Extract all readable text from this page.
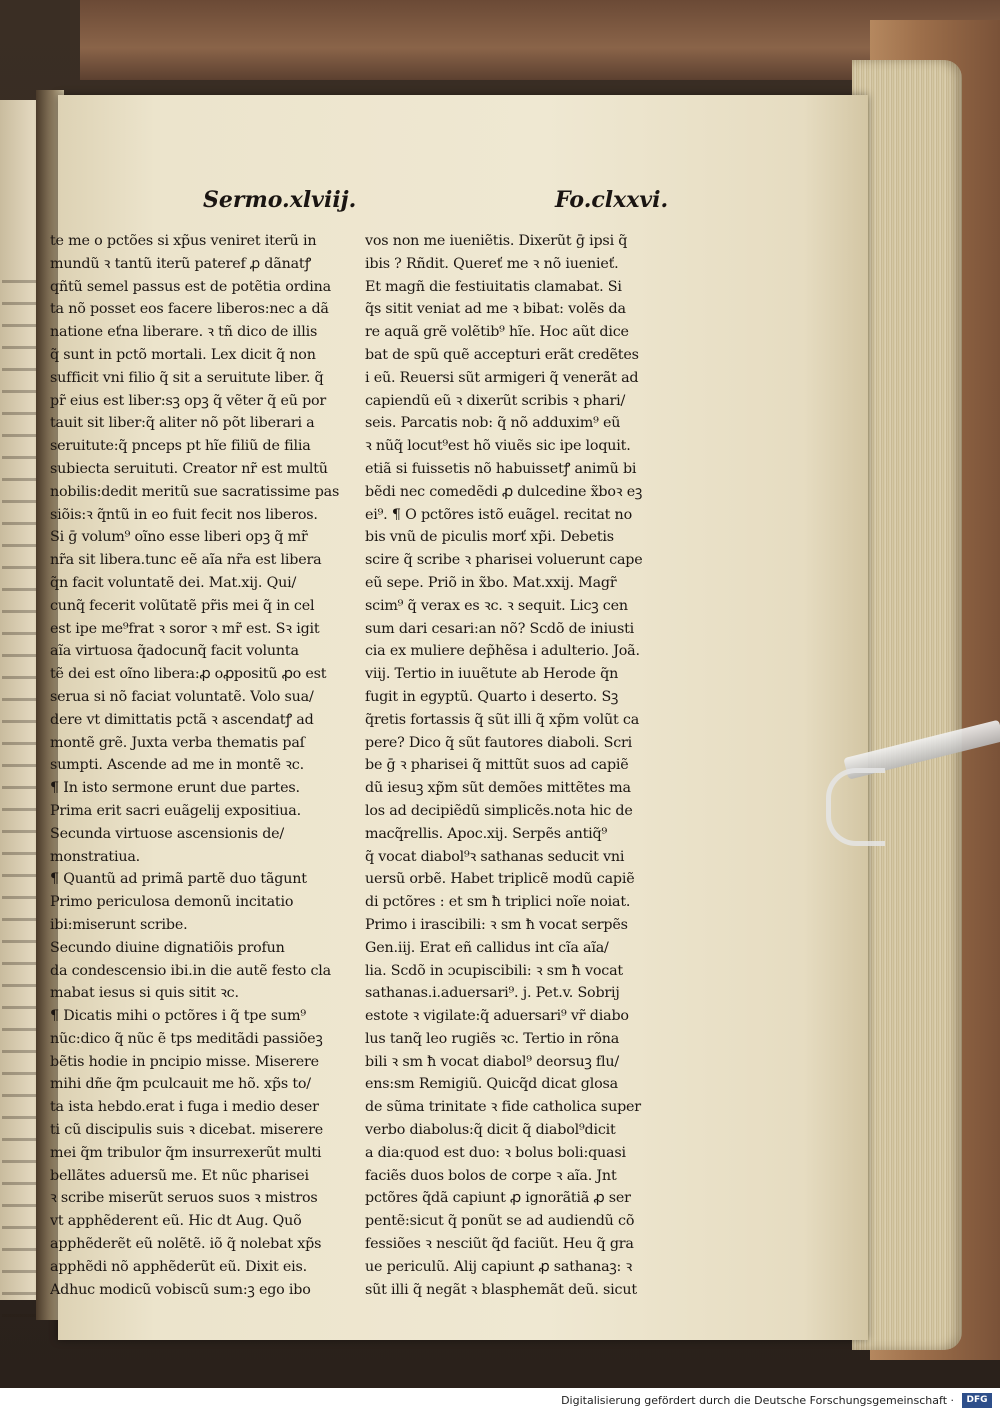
Sermo.xlviij.	Fo.clxxvi.
te me o pctões si xp̃us veniret iterũ in
mundũ ꝛ tantũ iterũ pateref ꝓ dãnatꝭ
qñtũ semel passus est de potẽtia ordina
ta nõ posset eos facere liberos:nec a dã
natione eťna liberare. ꝛ tñ dico de illis
q̃ sunt in pctõ mortali. Lex dicit q̃ non
sufficit vni filio q̃ sit a seruitute liber. q̃
pr̃ eius est liber:sꝫ opꝫ q̃ vẽter q̃ eũ por
tauit sit liber:q̃ aliter nõ põt liberari a
seruitute:q̃ pnceps pt hĩe filiũ de filia
subiecta seruituti. Creator nr̃ est multũ
nobilis:dedit meritũ sue sacratissime pas
siõis:ꝛ q̃ntũ in eo fuit fecit nos liberos.
Si ḡ volum⁹ oĩno esse liberi opꝫ q̃ mr̃
nr̃a sit libera.tunc eẽ aĩa nr̃a est libera
q̃n facit voluntatẽ dei. Mat.xij. Qui/
cunq̃ fecerit volũtatẽ pr̃is mei q̃ in cel
est ipe me⁹frat ꝛ soror ꝛ mr̃ est. Sꝛ igit
aĩa virtuosa q̃adocunq̃ facit volunta
tẽ dei est oĩno libera:ꝓ oꝓpositũ ꝓo est
serua si nõ faciat voluntatẽ. Volo sua/
dere vt dimittatis pctã ꝛ ascendatꝭ ad
montẽ grẽ. Juxta verba thematis paſ
sumpti. Ascende ad me in montẽ ꝛc.
¶ In isto sermone erunt due partes.
Prima erit sacri euãgelij expositiua.
Secunda virtuose ascensionis de/
monstratiua.
¶ Quantũ ad primã partẽ duo tãgunt
Primo periculosa demonũ incitatio
ibi:miserunt scribe.
Secundo diuine dignatiõis profun
da condescensio ibi.in die autẽ festo cla
mabat iesus si quis sitit ꝛc.
¶ Dicatis mihi o pctõres i q̃ tpe sum⁹
nũc:dico q̃ nũc ẽ tps meditãdi passiõeꝫ
bẽtis hodie in pncipio misse. Miserere
mihi dñe q̃m pculcauit me hõ. xp̃s to/
ta ista hebdo.erat i fuga i medio deser
ti cũ discipulis suis ꝛ dicebat. miserere
mei q̃m tribulor q̃m insurrexerũt multi
bellãtes aduersũ me. Et nũc pharisei
ꝛ scribe miserũt seruos suos ꝛ mistros
vt apphẽderent eũ. Hic dt Aug. Quõ
apphẽderẽt eũ nolẽtẽ. iõ q̃ nolebat xp̃s
apphẽdi nõ apphẽderũt eũ. Dixit eis.
Adhuc modicũ vobiscũ sum:ꝫ ego ibo
vos non me iueniẽtis. Dixerũt ḡ ipsi q̃
ibis ? Rñdit. Quereť me ꝛ nõ iuenieť.
Et magñ die festiuitatis clamabat. Si
q̃s sitit veniat ad me ꝛ bibat: volẽs da
re aquã grẽ volẽtib⁹ hĩe. Hoc aũt dice
bat de spũ quẽ accepturi erãt credẽtes
i eũ. Reuersi sũt armigeri q̃ venerãt ad
capiendũ eũ ꝛ dixerũt scribis ꝛ phari/
seis. Parcatis nob: q̃ nõ adduxim⁹ eũ
ꝛ nũq̃ locut⁹est hõ viuẽs sic ipe loquit.
etiã si fuissetis nõ habuissetꝭ animũ bi
bẽdi nec comedẽdi ꝓ dulcedine x̃boꝛ eꝫ
ei⁹. ¶ O pctõres istõ euãgel. recitat no
bis vnũ de piculis morť xp̃i. Debetis
scire q̃ scribe ꝛ pharisei voluerunt cape
eũ sepe. Priõ in x̃bo. Mat.xxij. Magr̃
scim⁹ q̃ verax es ꝛc. ꝛ sequit. Licꝫ cen
sum dari cesari:an nõ? Scdõ de iniusti
cia ex muliere dep̃hẽsa i adulterio. Joã.
viij. Tertio in iuuẽtute ab Herode q̃n
fugit in egyptũ. Quarto i deserto. Sꝫ
q̃retis fortassis q̃ sũt illi q̃ xp̃m volũt ca
pere? Dico q̃ sũt fautores diaboli. Scri
be ḡ ꝛ pharisei q̃ mittũt suos ad capiẽ
dũ iesuꝫ xp̃m sũt demões mittẽtes ma
los ad decipiẽdũ simplicẽs.nota hic de
macq̃rellis. Apoc.xij. Serpẽs antiq̃⁹
q̃ vocat diabol⁹ꝛ sathanas seducit vni
uersũ orbẽ. Habet triplicẽ modũ capiẽ
di pctõres : et sm ħ triplici noĩe noiat.
Primo i irascibili: ꝛ sm ħ vocat serpẽs
Gen.iij. Erat eñ callidus int cĩa aĩa/
lia. Scdõ in ɔcupiscibili: ꝛ sm ħ vocat
sathanas.i.aduersari⁹. j. Pet.v. Sobrij
estote ꝛ vigilate:q̃ aduersari⁹ vr̃ diabo
lus tanq̃ leo rugiẽs ꝛc. Tertio in rõna
bili ꝛ sm ħ vocat diabol⁹ deorsuꝫ flu/
ens:sm Remigiũ. Quicq̃d dicat glosa
de sũma trinitate ꝛ fide catholica super
verbo diabolus:q̃ dicit q̃ diabol⁹dicit
a dia:quod est duo: ꝛ bolus boli:quasi
faciẽs duos bolos de corpe ꝛ aĩa. Jnt
pctõres q̃dã capiunt ꝓ ignorãtiã ꝓ ser
pentẽ:sicut q̃ ponũt se ad audiendũ cõ
fessiões ꝛ nesciũt q̃d faciũt. Heu q̃ gra
ue periculũ. Alij capiunt ꝓ sathanaꝫ: ꝛ
sũt illi q̃ negãt ꝛ blasphemãt deũ. sicut
Digitalisierung gefördert durch die Deutsche Forschungsgemeinschaft ·	DFG
